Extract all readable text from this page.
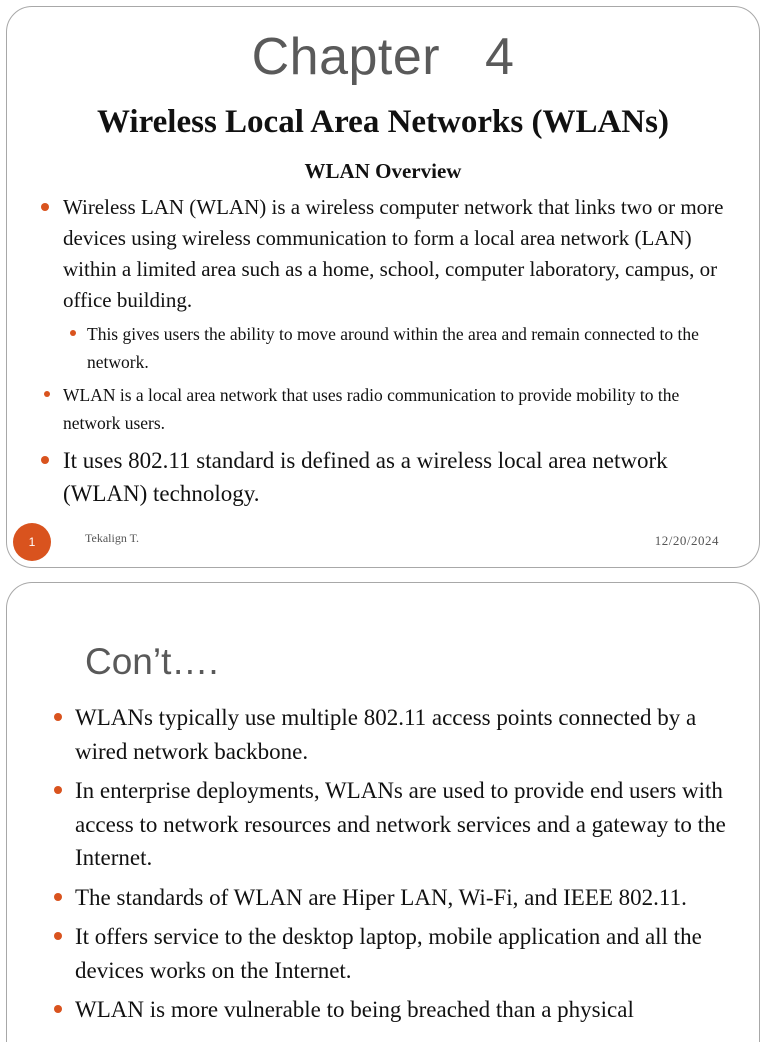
Chapter   4
Wireless Local Area Networks (WLANs)
WLAN Overview
Wireless LAN (WLAN) is a wireless computer network that links two or more devices using wireless communication to form a local area network (LAN) within a limited area such as a home, school, computer laboratory, campus, or office building.
This gives users the ability to move around within the area and remain connected to the network.
WLAN is a local area network that uses radio communication to provide mobility to the network users.
It uses 802.11 standard is defined as a wireless local area network (WLAN) technology.
1	Tekalign T.	12/20/2024
Con’t….
WLANs typically use multiple 802.11 access points connected by a wired network backbone.
In enterprise deployments, WLANs are used to provide end users with access to network resources and network services and a gateway to the Internet.
The standards of WLAN are Hiper LAN, Wi-Fi, and IEEE 802.11.
It offers service to the desktop laptop, mobile application and all the devices works on the Internet.
WLAN is more vulnerable to being breached than a physical
